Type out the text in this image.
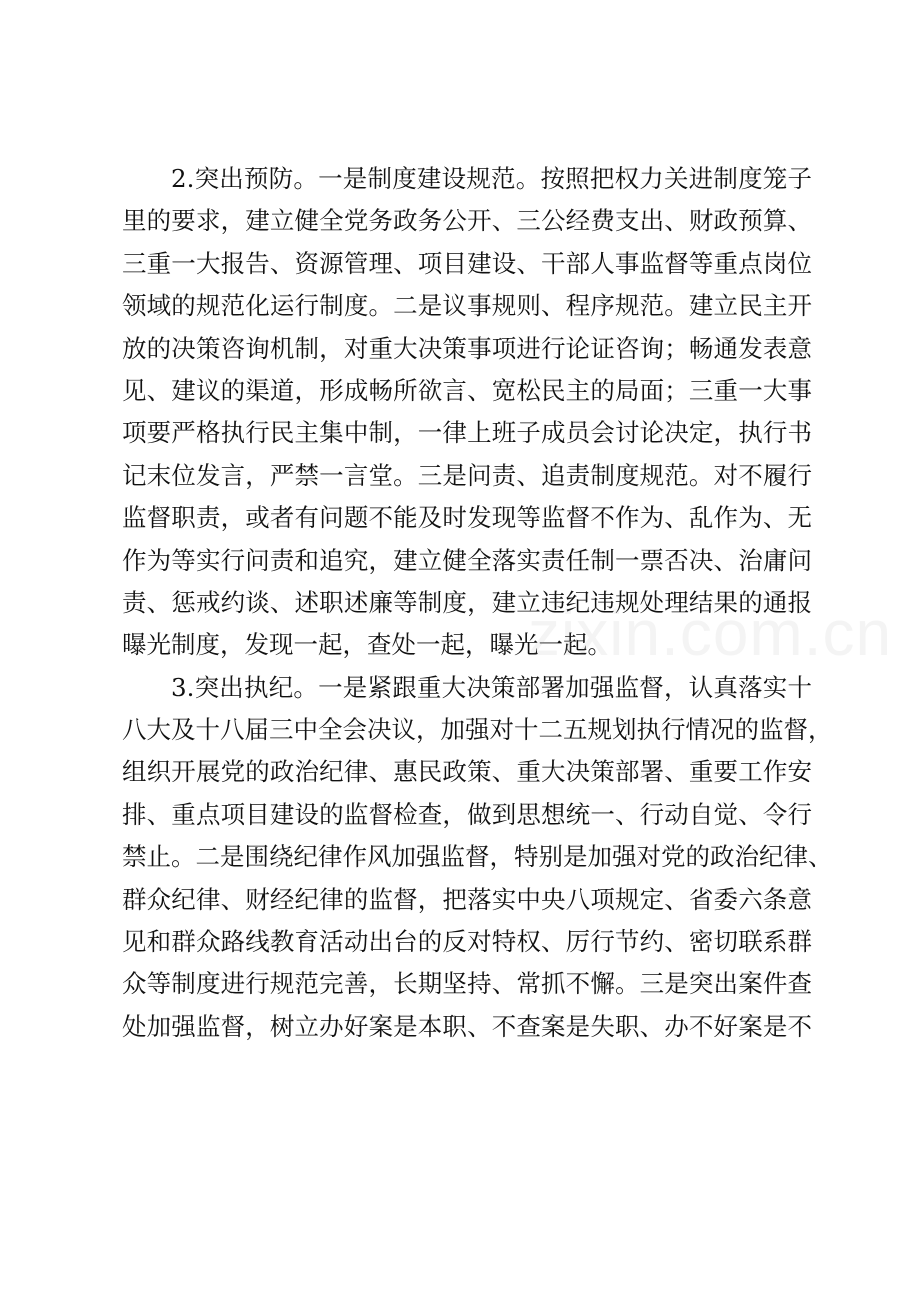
2.突出预防。一是制度建设规范。按照把权力关进制度笼子
里的要求，建立健全党务政务公开、三公经费支出、财政预算、
三重一大报告、资源管理、项目建设、干部人事监督等重点岗位
领域的规范化运行制度。二是议事规则、程序规范。建立民主开
放的决策咨询机制，对重大决策事项进行论证咨询；畅通发表意
见、建议的渠道，形成畅所欲言、宽松民主的局面；三重一大事
项要严格执行民主集中制，一律上班子成员会讨论决定，执行书
记末位发言，严禁一言堂。三是问责、追责制度规范。对不履行
监督职责，或者有问题不能及时发现等监督不作为、乱作为、无
作为等实行问责和追究，建立健全落实责任制一票否决、治庸问
责、惩戒约谈、述职述廉等制度，建立违纪违规处理结果的通报
曝光制度，发现一起，查处一起，曝光一起。
3.突出执纪。一是紧跟重大决策部署加强监督，认真落实十
八大及十八届三中全会决议，加强对十二五规划执行情况的监督，
组织开展党的政治纪律、惠民政策、重大决策部署、重要工作安
排、重点项目建设的监督检查，做到思想统一、行动自觉、令行
禁止。二是围绕纪律作风加强监督，特别是加强对党的政治纪律、
群众纪律、财经纪律的监督，把落实中央八项规定、省委六条意
见和群众路线教育活动出台的反对特权、厉行节约、密切联系群
众等制度进行规范完善，长期坚持、常抓不懈。三是突出案件查
处加强监督，树立办好案是本职、不查案是失职、办不好案是不
zixin.com.cn
